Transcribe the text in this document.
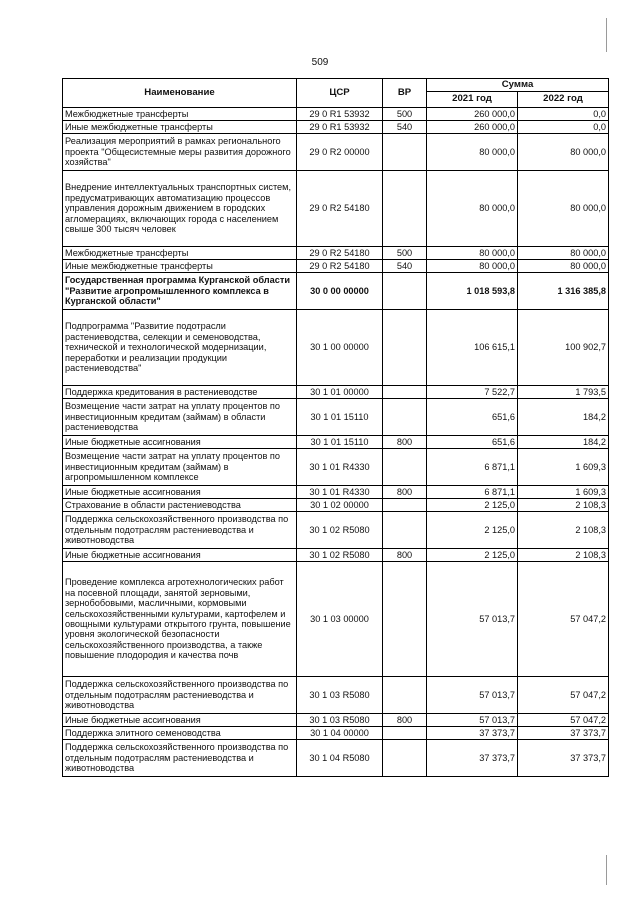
509
Наименование	ЦСР	ВР	Сумма	
			2021 год	2022 год
Межбюджетные трансферты	29 0 R1 53932	500	260 000,0	0,0
Иные межбюджетные трансферты	29 0 R1 53932	540	260 000,0	0,0
Реализация мероприятий в рамках регионального проекта "Общесистемные меры развития дорожного хозяйства"	29 0 R2 00000		80 000,0	80 000,0
Внедрение интеллектуальных транспортных систем, предусматривающих автоматизацию процессов управления дорожным движением в городских агломерациях, включающих города с населением свыше 300 тысяч человек	29 0 R2 54180		80 000,0	80 000,0
Межбюджетные трансферты	29 0 R2 54180	500	80 000,0	80 000,0
Иные межбюджетные трансферты	29 0 R2 54180	540	80 000,0	80 000,0
Государственная программа Курганской области "Развитие агропромышленного комплекса в Курганской области"	30 0 00 00000		1 018 593,8	1 316 385,8
Подпрограмма "Развитие подотрасли растениеводства, селекции и семеноводства, технической и технологической модернизации, переработки и реализации продукции растениеводства"	30 1 00 00000		106 615,1	100 902,7
Поддержка кредитования в растениеводстве	30 1 01 00000		7 522,7	1 793,5
Возмещение части затрат на уплату процентов по инвестиционным кредитам (займам) в области растениеводства	30 1 01 15110		651,6	184,2
Иные бюджетные ассигнования	30 1 01 15110	800	651,6	184,2
Возмещение части затрат на уплату процентов по инвестиционным кредитам (займам) в агропромышленном комплексе	30 1 01 R4330		6 871,1	1 609,3
Иные бюджетные ассигнования	30 1 01 R4330	800	6 871,1	1 609,3
Страхование в области растениеводства	30 1 02 00000		2 125,0	2 108,3
Поддержка сельскохозяйственного производства по отдельным подотраслям растениеводства и животноводства	30 1 02 R5080		2 125,0	2 108,3
Иные бюджетные ассигнования	30 1 02 R5080	800	2 125,0	2 108,3
Проведение комплекса агротехнологических работ на посевной площади, занятой зерновыми, зернобобовыми, масличными, кормовыми сельскохозяйственными культурами, картофелем и овощными культурами открытого грунта, повышение уровня экологической безопасности сельскохозяйственного производства, а также повышение плодородия и качества почв	30 1 03 00000		57 013,7	57 047,2
Поддержка сельскохозяйственного производства по отдельным подотраслям растениеводства и животноводства	30 1 03 R5080		57 013,7	57 047,2
Иные бюджетные ассигнования	30 1 03 R5080	800	57 013,7	57 047,2
Поддержка элитного семеноводства	30 1 04 00000		37 373,7	37 373,7
Поддержка сельскохозяйственного производства по отдельным подотраслям растениеводства и животноводства	30 1 04 R5080		37 373,7	37 373,7
